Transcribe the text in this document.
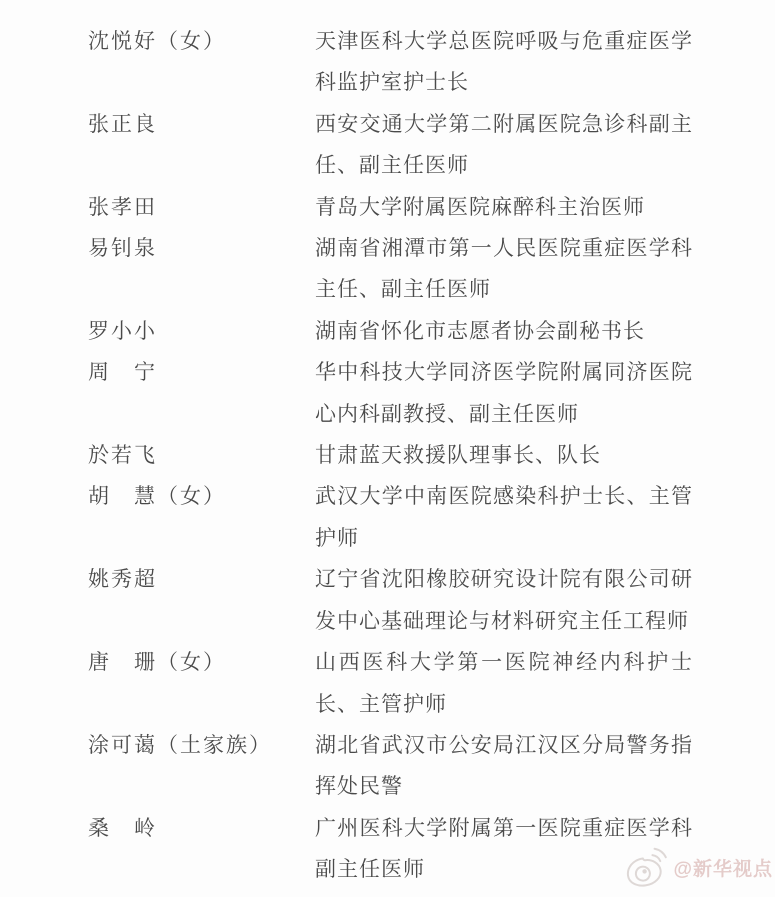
沈悦好（女）	天津医科大学总医院呼吸与危重症医学
科监护室护士长
张正良	西安交通大学第二附属医院急诊科副主
任、副主任医师
张孝田	青岛大学附属医院麻醉科主治医师
易钊泉	湖南省湘潭市第一人民医院重症医学科
主任、副主任医师
罗小小	湖南省怀化市志愿者协会副秘书长
周　宁	华中科技大学同济医学院附属同济医院
心内科副教授、副主任医师
於若飞	甘肃蓝天救援队理事长、队长
胡　慧（女）	武汉大学中南医院感染科护士长、主管
护师
姚秀超	辽宁省沈阳橡胶研究设计院有限公司研
发中心基础理论与材料研究主任工程师
唐　珊（女）	山西医科大学第一医院神经内科护士
长、主管护师
涂可蔼（土家族）	湖北省武汉市公安局江汉区分局警务指
挥处民警
桑　岭	广州医科大学附属第一医院重症医学科
副主任医师	@新华视点
